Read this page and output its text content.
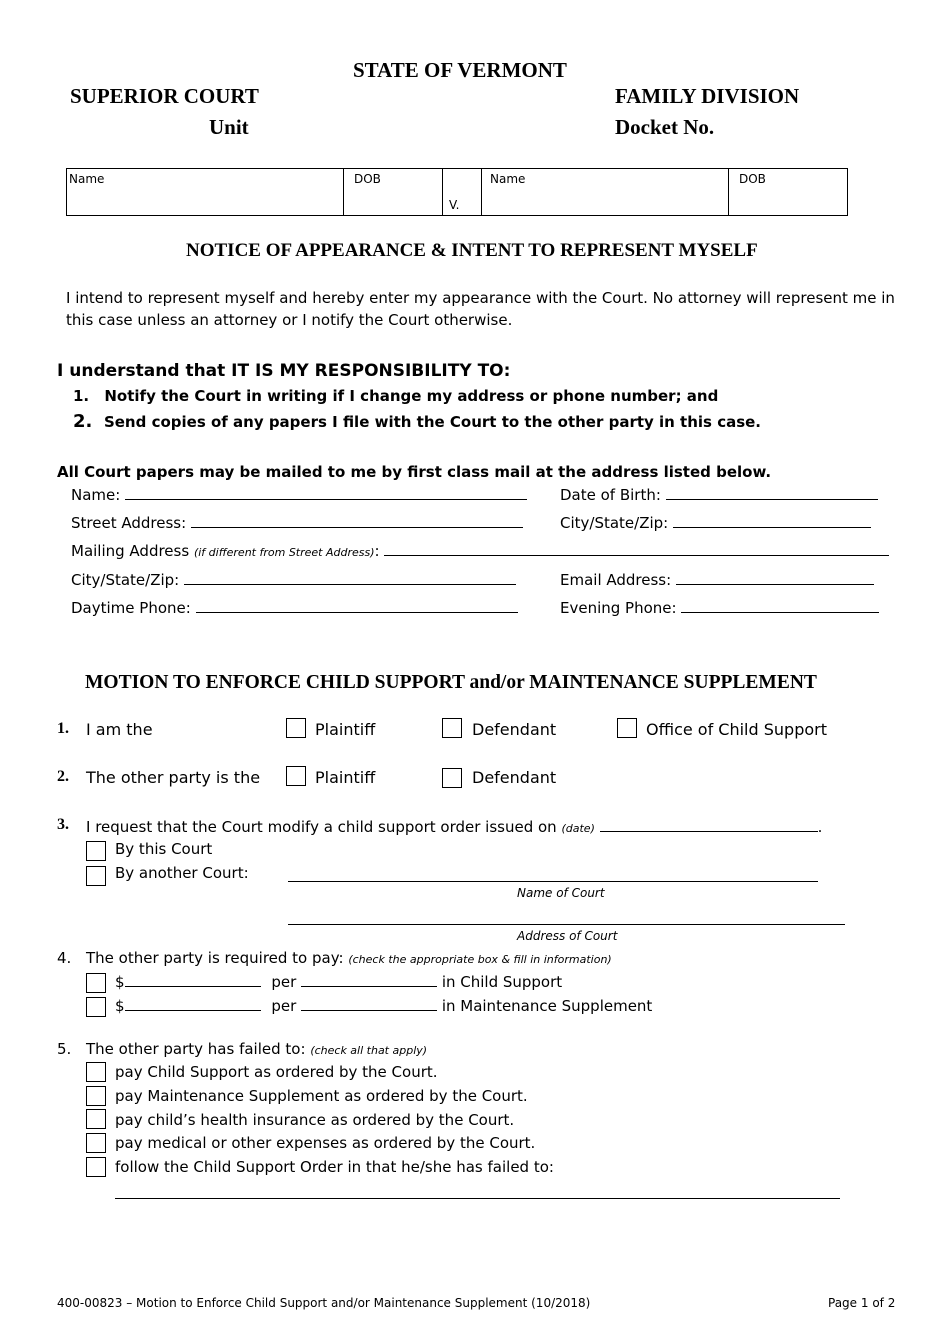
STATE OF VERMONT
SUPERIOR COURT
Unit
FAMILY DIVISION
Docket No.
Name	DOB	V.	Name	DOB
NOTICE OF APPEARANCE & INTENT TO REPRESENT MYSELF
I intend to represent myself and hereby enter my appearance with the Court. No attorney will represent me in
this case unless an attorney or I notify the Court otherwise.
I understand that IT IS MY RESPONSIBILITY TO:
1. Notify the Court in writing if I change my address or phone number; and
2. Send copies of any papers I file with the Court to the other party in this case.
All Court papers may be mailed to me by first class mail at the address listed below.
Name:	Date of Birth:
Street Address:	City/State/Zip:
Mailing Address (if different from Street Address):
City/State/Zip:	Email Address:
Daytime Phone:	Evening Phone:
MOTION TO ENFORCE CHILD SUPPORT and/or MAINTENANCE SUPPLEMENT
1. I am the	Plaintiff	Defendant	Office of Child Support
2. The other party is the	Plaintiff	Defendant
3. I request that the Court modify a child support order issued on (date)	.
By this Court
By another Court:
Name of Court
Address of Court
4. The other party is required to pay: (check the appropriate box & fill in information)
$	per	in Child Support
$	per	in Maintenance Supplement
5. The other party has failed to: (check all that apply)
pay Child Support as ordered by the Court.
pay Maintenance Supplement as ordered by the Court.
pay child’s health insurance as ordered by the Court.
pay medical or other expenses as ordered by the Court.
follow the Child Support Order in that he/she has failed to:
400-00823 – Motion to Enforce Child Support and/or Maintenance Supplement (10/2018)	Page 1 of 2
